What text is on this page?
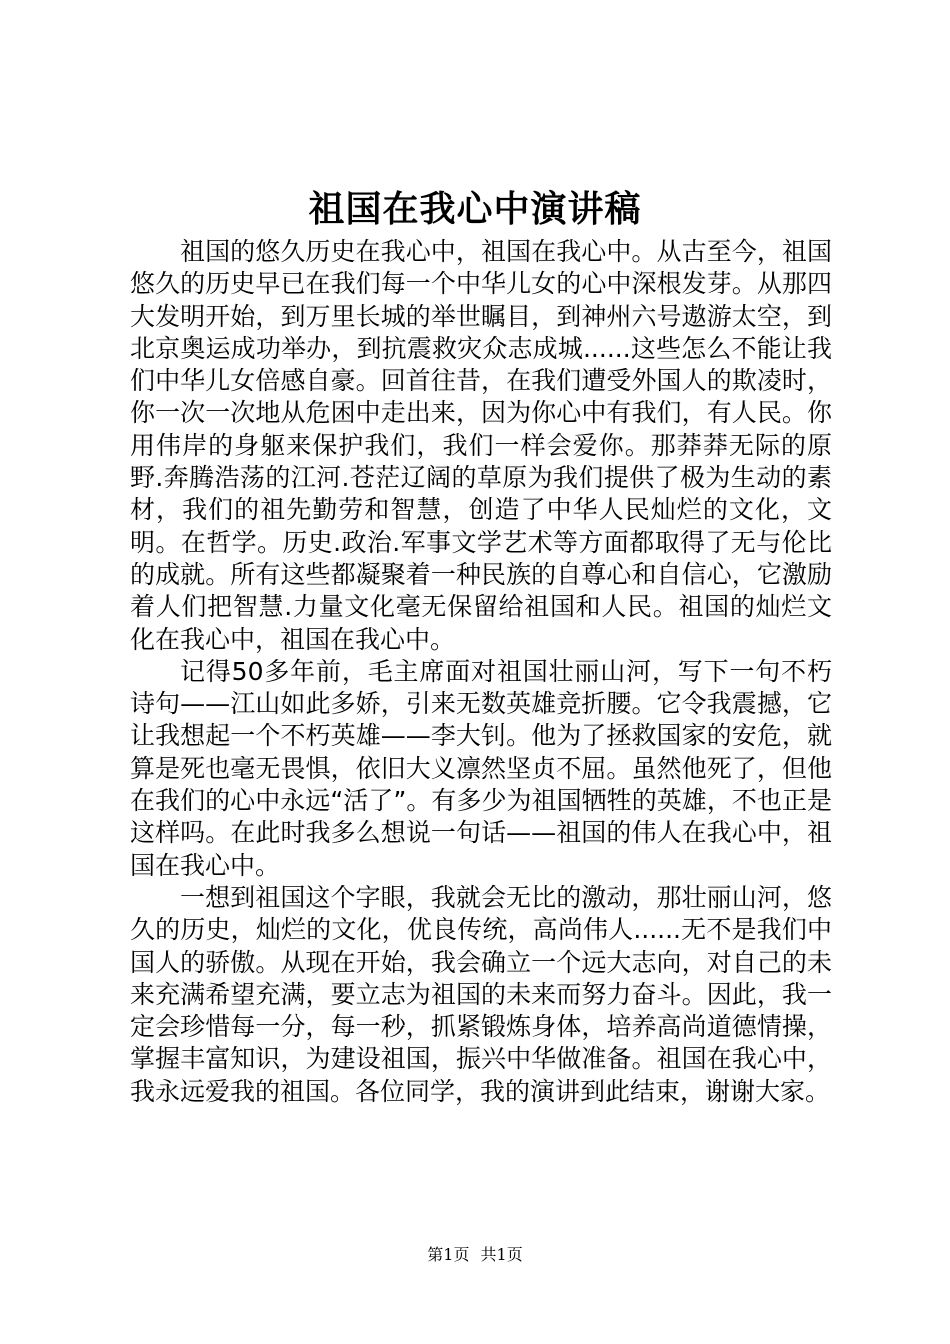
祖国在我心中演讲稿

祖国的悠久历史在我心中，祖国在我心中。从古至今，祖国悠久的历史早已在我们每一个中华儿女的心中深根发芽。从那四大发明开始，到万里长城的举世瞩目，到神州六号遨游太空，到北京奥运成功举办，到抗震救灾众志成城......这些怎么不能让我们中华儿女倍感自豪。回首往昔，在我们遭受外国人的欺凌时，你一次一次地从危困中走出来，因为你心中有我们，有人民。你用伟岸的身躯来保护我们，我们一样会爱你。那莽莽无际的原野.奔腾浩荡的江河.苍茫辽阔的草原为我们提供了极为生动的素材，我们的祖先勤劳和智慧，创造了中华人民灿烂的文化，文明。在哲学。历史.政治.军事文学艺术等方面都取得了无与伦比的成就。所有这些都凝聚着一种民族的自尊心和自信心，它激励着人们把智慧.力量文化毫无保留给祖国和人民。祖国的灿烂文化在我心中，祖国在我心中。

记得50多年前，毛主席面对祖国壮丽山河，写下一句不朽诗句——江山如此多娇，引来无数英雄竞折腰。它令我震撼，它让我想起一个不朽英雄——李大钊。他为了拯救国家的安危，就算是死也毫无畏惧，依旧大义凛然坚贞不屈。虽然他死了，但他在我们的心中永远“活了”。有多少为祖国牺牲的英雄，不也正是这样吗。在此时我多么想说一句话——祖国的伟人在我心中，祖国在我心中。

一想到祖国这个字眼，我就会无比的激动，那壮丽山河，悠久的历史，灿烂的文化，优良传统，高尚伟人......无不是我们中国人的骄傲。从现在开始，我会确立一个远大志向，对自己的未来充满希望充满，要立志为祖国的未来而努力奋斗。因此，我一定会珍惜每一分，每一秒，抓紧锻炼身体，培养高尚道德情操，掌握丰富知识，为建设祖国，振兴中华做准备。祖国在我心中，我永远爱我的祖国。各位同学，我的演讲到此结束，谢谢大家。

第1页 共1页
